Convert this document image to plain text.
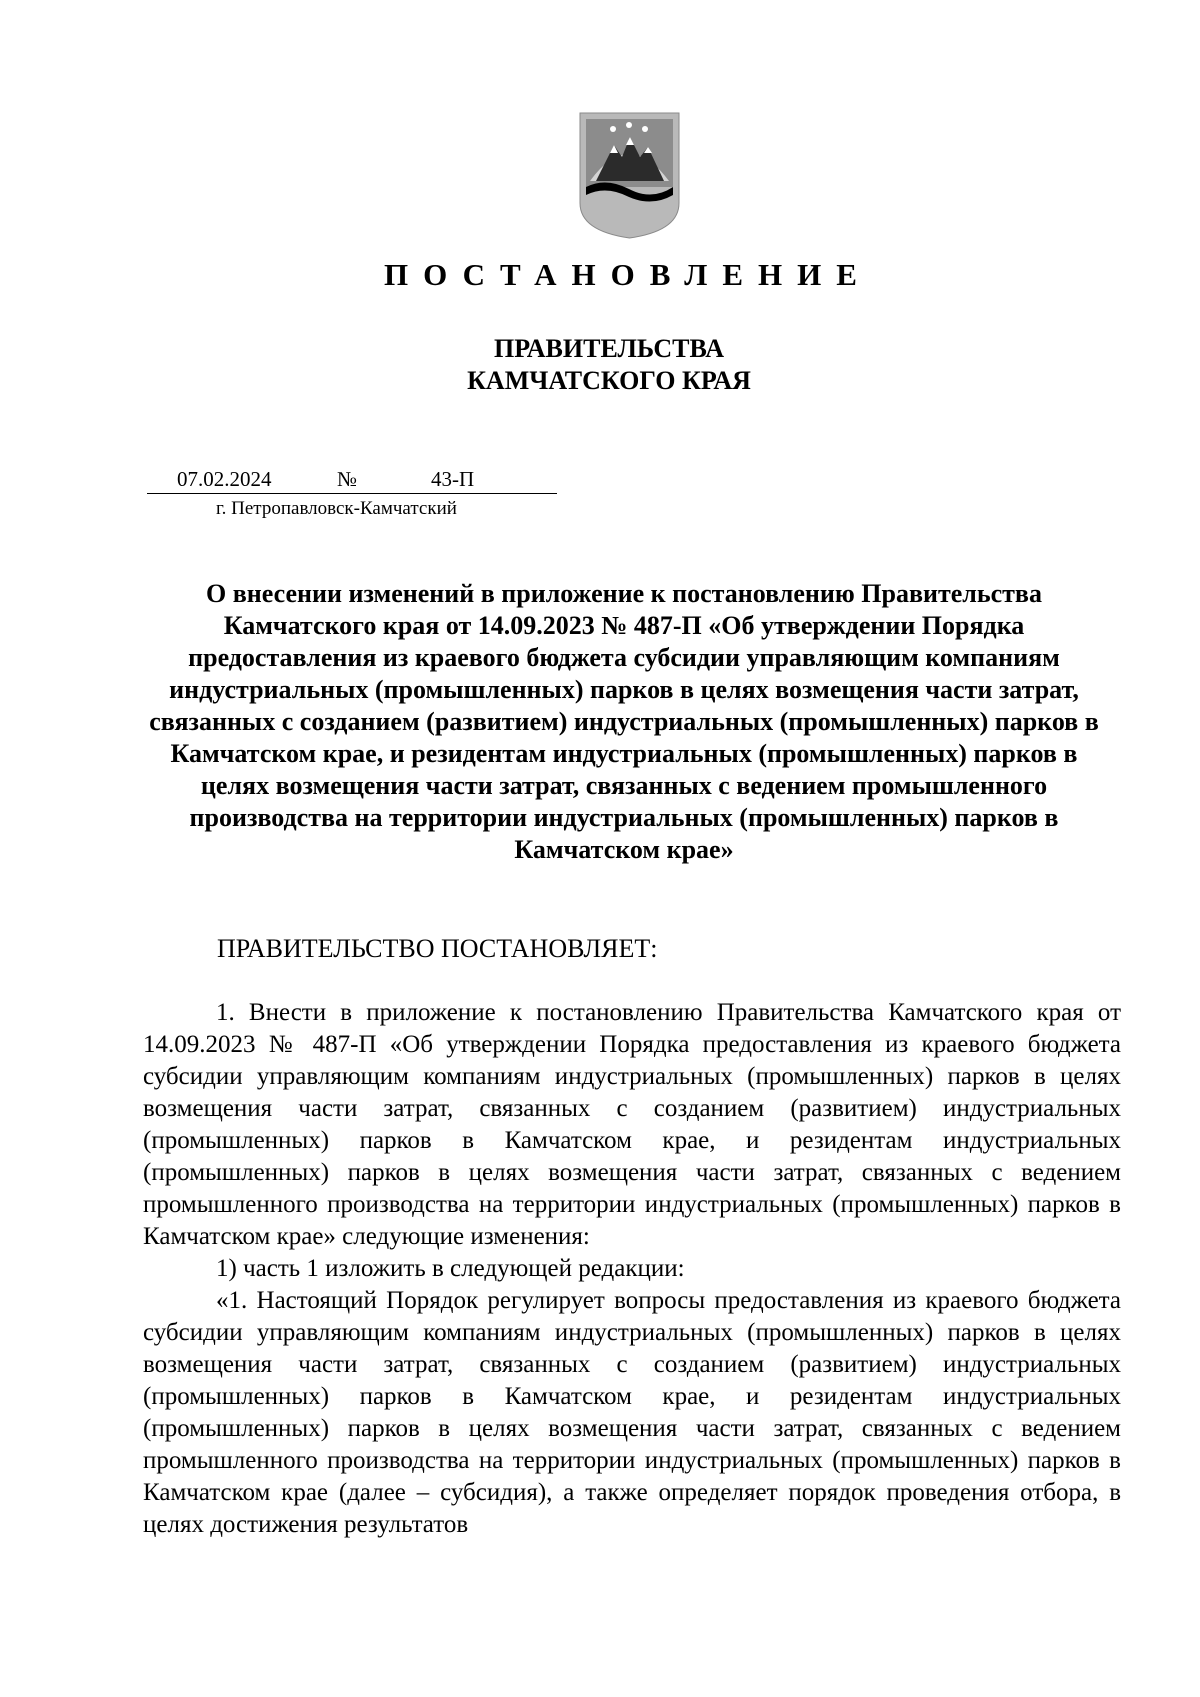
ПОСТАНОВЛЕНИЕ
ПРАВИТЕЛЬСТВА
КАМЧАТСКОГО КРАЯ
07.02.2024	№	43-П
г. Петропавловск-Камчатский
О внесении изменений в приложение к постановлению Правительства Камчатского края от 14.09.2023 № 487-П «Об утверждении Порядка предоставления из краевого бюджета субсидии управляющим компаниям индустриальных (промышленных) парков в целях возмещения части затрат, связанных с созданием (развитием) индустриальных (промышленных) парков в Камчатском крае, и резидентам индустриальных (промышленных) парков в целях возмещения части затрат, связанных с ведением промышленного производства на территории индустриальных (промышленных) парков в Камчатском крае»
ПРАВИТЕЛЬСТВО ПОСТАНОВЛЯЕТ:

1. Внести в приложение к постановлению Правительства Камчатского края от 14.09.2023 № 487-П «Об утверждении Порядка предоставления из краевого бюджета субсидии управляющим компаниям индустриальных (промышленных) парков в целях возмещения части затрат, связанных с созданием (развитием) индустриальных (промышленных) парков в Камчатском крае, и резидентам индустриальных (промышленных) парков в целях возмещения части затрат, связанных с ведением промышленного производства на территории индустриальных (промышленных) парков в Камчатском крае» следующие изменения:

1) часть 1 изложить в следующей редакции:

«1. Настоящий Порядок регулирует вопросы предоставления из краевого бюджета субсидии управляющим компаниям индустриальных (промышленных) парков в целях возмещения части затрат, связанных с созданием (развитием) индустриальных (промышленных) парков в Камчатском крае, и резидентам индустриальных (промышленных) парков в целях возмещения части затрат, связанных с ведением промышленного производства на территории индустриальных (промышленных) парков в Камчатском крае (далее – субсидия), а также определяет порядок проведения отбора, в целях достижения результатов
